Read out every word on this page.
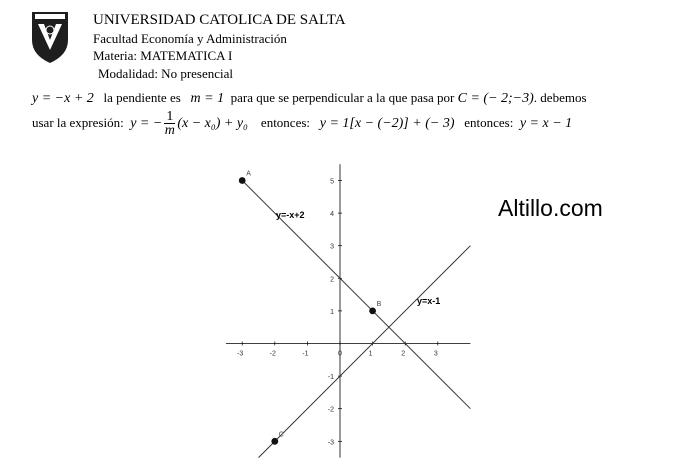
UNIVERSIDAD CATOLICA DE SALTA
Facultad Economía y Administración
Materia: MATEMATICA I
Modalidad: No presencial
y = −x + 2 la pendiente es m = 1 para que se perpendicular a la que pasa por C = (− 2;−3). debemos
usar la expresión: y = − $\frac{1}{m} (x - x_0) + y_0$ entonces: y = 1[x − (−2)] + (− 3) entonces: y = x − 1
Altillo.com
-3	-2	-1	0	1	2	3
5
4
3
2
1
-1
-2
-3
y=-x+2
y=x-1
A
B
C
